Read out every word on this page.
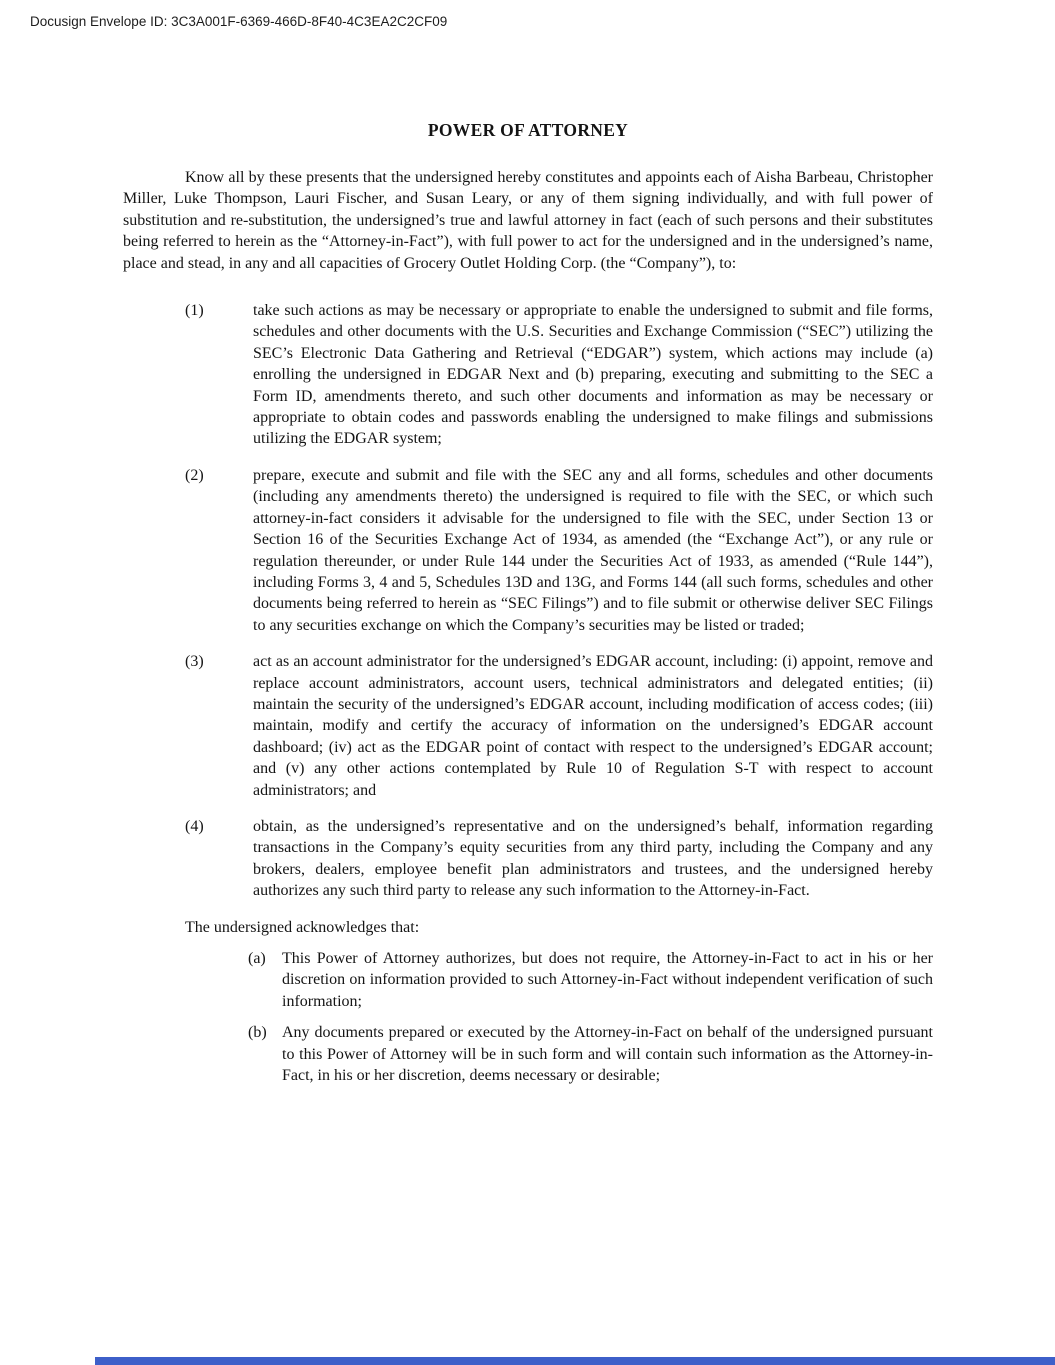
Docusign Envelope ID: 3C3A001F-6369-466D-8F40-4C3EA2C2CF09
POWER OF ATTORNEY

Know all by these presents that the undersigned hereby constitutes and appoints each of Aisha Barbeau, Christopher Miller, Luke Thompson, Lauri Fischer, and Susan Leary, or any of them signing individually, and with full power of substitution and re-substitution, the undersigned’s true and lawful attorney in fact (each of such persons and their substitutes being referred to herein as the “Attorney-in-Fact”), with full power to act for the undersigned and in the undersigned’s name, place and stead, in any and all capacities of Grocery Outlet Holding Corp. (the “Company”), to:

(1)	take such actions as may be necessary or appropriate to enable the undersigned to submit and file forms, schedules and other documents with the U.S. Securities and Exchange Commission (“SEC”) utilizing the SEC’s Electronic Data Gathering and Retrieval (“EDGAR”) system, which actions may include (a) enrolling the undersigned in EDGAR Next and (b) preparing, executing and submitting to the SEC a Form ID, amendments thereto, and such other documents and information as may be necessary or appropriate to obtain codes and passwords enabling the undersigned to make filings and submissions utilizing the EDGAR system;
(2)	prepare, execute and submit and file with the SEC any and all forms, schedules and other documents (including any amendments thereto) the undersigned is required to file with the SEC, or which such attorney-in-fact considers it advisable for the undersigned to file with the SEC, under Section 13 or Section 16 of the Securities Exchange Act of 1934, as amended (the “Exchange Act”), or any rule or regulation thereunder, or under Rule 144 under the Securities Act of 1933, as amended (“Rule 144”), including Forms 3, 4 and 5, Schedules 13D and 13G, and Forms 144 (all such forms, schedules and other documents being referred to herein as “SEC Filings”) and to file submit or otherwise deliver SEC Filings to any securities exchange on which the Company’s securities may be listed or traded;
(3)	act as an account administrator for the undersigned’s EDGAR account, including: (i) appoint, remove and replace account administrators, account users, technical administrators and delegated entities; (ii) maintain the security of the undersigned’s EDGAR account, including modification of access codes; (iii) maintain, modify and certify the accuracy of information on the undersigned’s EDGAR account dashboard; (iv) act as the EDGAR point of contact with respect to the undersigned’s EDGAR account; and (v) any other actions contemplated by Rule 10 of Regulation S-T with respect to account administrators; and
(4)	obtain, as the undersigned’s representative and on the undersigned’s behalf, information regarding transactions in the Company’s equity securities from any third party, including the Company and any brokers, dealers, employee benefit plan administrators and trustees, and the undersigned hereby authorizes any such third party to release any such information to the Attorney-in-Fact.

The undersigned acknowledges that:

(a) This Power of Attorney authorizes, but does not require, the Attorney-in-Fact to act in his or her discretion on information provided to such Attorney-in-Fact without independent verification of such information;
(b) Any documents prepared or executed by the Attorney-in-Fact on behalf of the undersigned pursuant to this Power of Attorney will be in such form and will contain such information as the Attorney-in-Fact, in his or her discretion, deems necessary or desirable;
